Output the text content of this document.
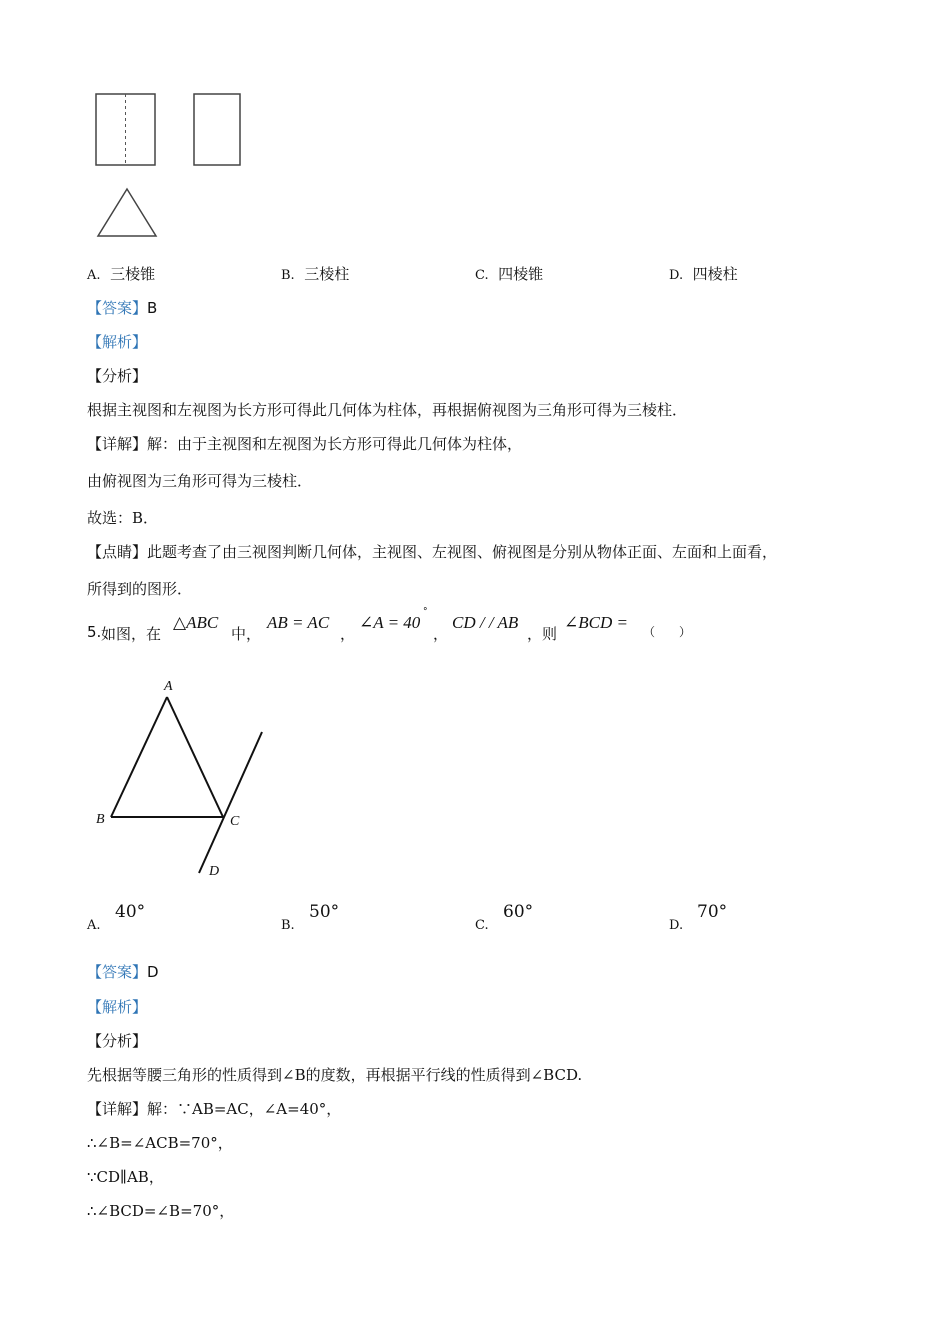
A. 三棱锥	B. 三棱柱	C. 四棱锥	D. 四棱柱
【答案】B
【解析】
【分析】
根据主视图和左视图为长方形可得此几何体为柱体，再根据俯视图为三角形可得为三棱柱．
【详解】解：由于主视图和左视图为长方形可得此几何体为柱体，
由俯视图为三角形可得为三棱柱．
故选：B．
【点睛】此题考查了由三视图判断几何体，主视图、左视图、俯视图是分别从物体正面、左面和上面看，
所得到的图形．
5. 如图，在
△ABC
中，
AB = AC
，
∠A = 40
°
，
CD / / AB
，则
∠BCD = （　　）
A
B	C
D
A.
40°
B.
50°
C.
60°
D.
70°
【答案】D
【解析】
【分析】
先根据等腰三角形的性质得到∠B的度数，再根据平行线的性质得到∠BCD.
【详解】解：∵AB=AC，∠A=40°，
∴∠B=∠ACB=70°，
∵CD∥AB，
∴∠BCD=∠B=70°，
